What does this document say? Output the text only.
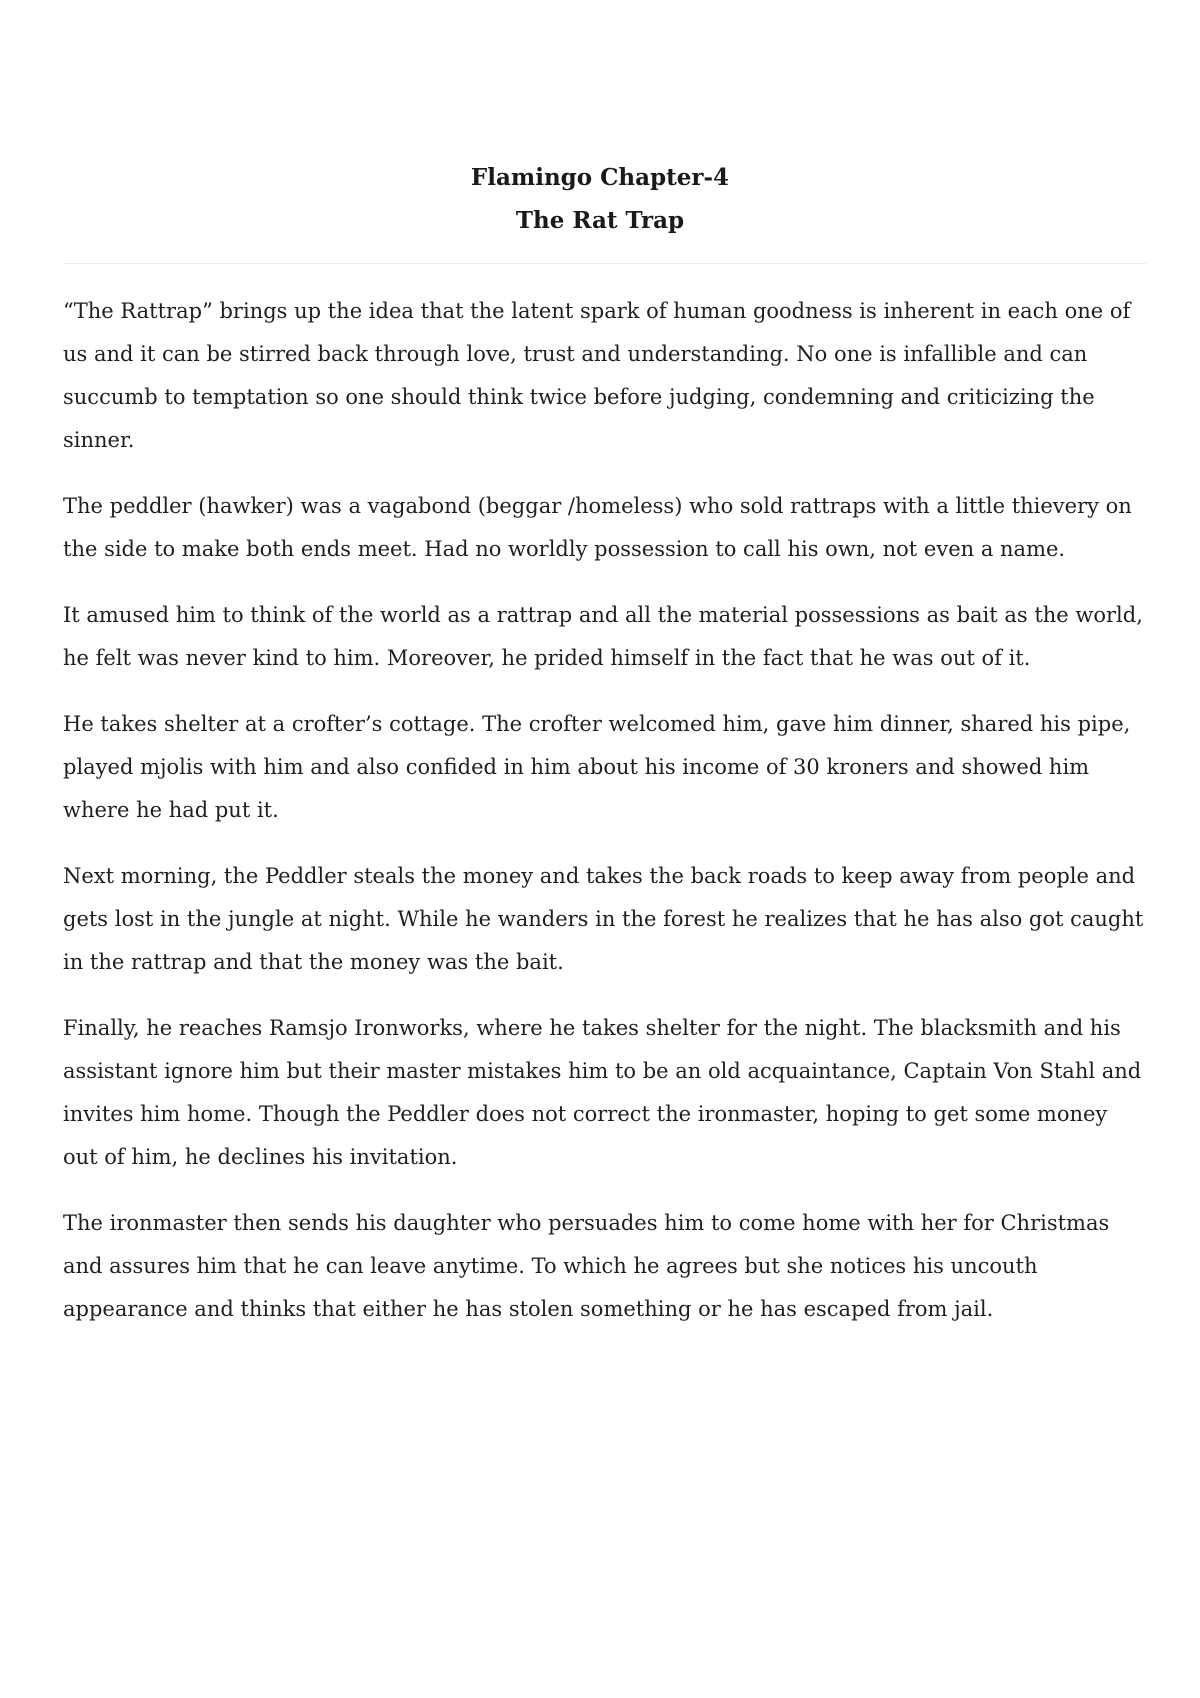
Flamingo Chapter-4
The Rat Trap

“The Rattrap” brings up the idea that the latent spark of human goodness is inherent in each one of us and it can be stirred back through love, trust and understanding. No one is infallible and can succumb to temptation so one should think twice before judging, condemning and criticizing the sinner.

The peddler (hawker) was a vagabond (beggar /homeless) who sold rattraps with a little thievery on the side to make both ends meet. Had no worldly possession to call his own, not even a name.

It amused him to think of the world as a rattrap and all the material possessions as bait as the world, he felt was never kind to him. Moreover, he prided himself in the fact that he was out of it.

He takes shelter at a crofter’s cottage. The crofter welcomed him, gave him dinner, shared his pipe, played mjolis with him and also confided in him about his income of 30 kroners and showed him where he had put it.

Next morning, the Peddler steals the money and takes the back roads to keep away from people and gets lost in the jungle at night. While he wanders in the forest he realizes that he has also got caught in the rattrap and that the money was the bait.

Finally, he reaches Ramsjo Ironworks, where he takes shelter for the night. The blacksmith and his assistant ignore him but their master mistakes him to be an old acquaintance, Captain Von Stahl and invites him home. Though the Peddler does not correct the ironmaster, hoping to get some money out of him, he declines his invitation.

The ironmaster then sends his daughter who persuades him to come home with her for Christmas and assures him that he can leave anytime. To which he agrees but she notices his uncouth appearance and thinks that either he has stolen something or he has escaped from jail.
